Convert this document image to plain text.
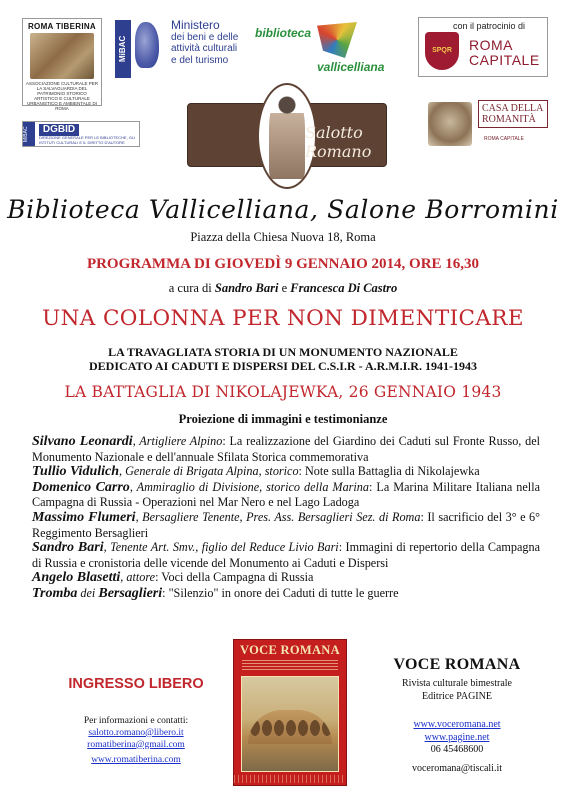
ROMA TIBERINA
ASSOCIAZIONE CULTURALE PER LA SALVAGUARDIA DEL PATRIMONIO STORICO ARTISTICO E CULTURALE URBANISTICO E AMBIENTALE DI ROMA
MiBAC
Ministero
dei beni e delle
attività culturali
e del turismo
biblioteca
vallicelliana
con il patrocinio di
SPQR	ROMA
CAPITALE
MiBAC	DGBID
DIREZIONE GENERALE PER LE BIBLIOTECHE, GLI ISTITUTI CULTURALI E IL DIRITTO D'AUTORE	Salotto Romano
CASA DELLA
ROMANITÀ
ROMA CAPITALE
Biblioteca Vallicelliana, Salone Borromini
Piazza della Chiesa Nuova 18, Roma
PROGRAMMA DI GIOVEDÌ 9 GENNAIO 2014, ORE 16,30
a cura di Sandro Bari e Francesca Di Castro
UNA COLONNA PER NON DIMENTICARE
LA TRAVAGLIATA STORIA DI UN MONUMENTO NAZIONALE
DEDICATO AI CADUTI E DISPERSI DEL C.S.I.R - A.R.M.I.R. 1941-1943
LA BATTAGLIA DI NIKOLAJEWKA, 26 GENNAIO 1943
Proiezione di immagini e testimonianze
Silvano Leonardi, Artigliere Alpino: La realizzazione del Giardino dei Caduti sul Fronte Russo, del Monumento Nazionale e dell'annuale Sfilata Storica commemorativa
Tullio Vidulich, Generale di Brigata Alpina, storico: Note sulla Battaglia di Nikolajewka
Domenico Carro, Ammiraglio di Divisione, storico della Marina: La Marina Militare Italiana nella Campagna di Russia - Operazioni nel Mar Nero e nel Lago Ladoga
Massimo Flumeri, Bersagliere Tenente, Pres. Ass. Bersaglieri Sez. di Roma: Il sacrificio del 3° e 6° Reggimento Bersaglieri
Sandro Bari, Tenente Art. Smv., figlio del Reduce Livio Bari: Immagini di repertorio della Campagna di Russia e cronistoria delle vicende del Monumento ai Caduti e Dispersi
Angelo Blasetti, attore: Voci della Campagna di Russia
Tromba dei Bersaglieri: "Silenzio" in onore dei Caduti di tutte le guerre
INGRESSO LIBERO
Per informazioni e contatti:
salotto.romano@libero.it
romatiberina@gmail.com
www.romatiberina.com
VOCE ROMANA
VOCE ROMANA
Rivista culturale bimestrale
Editrice PAGINE
www.voceromana.net
www.pagine.net
06 45468600
voceromana@tiscali.it
